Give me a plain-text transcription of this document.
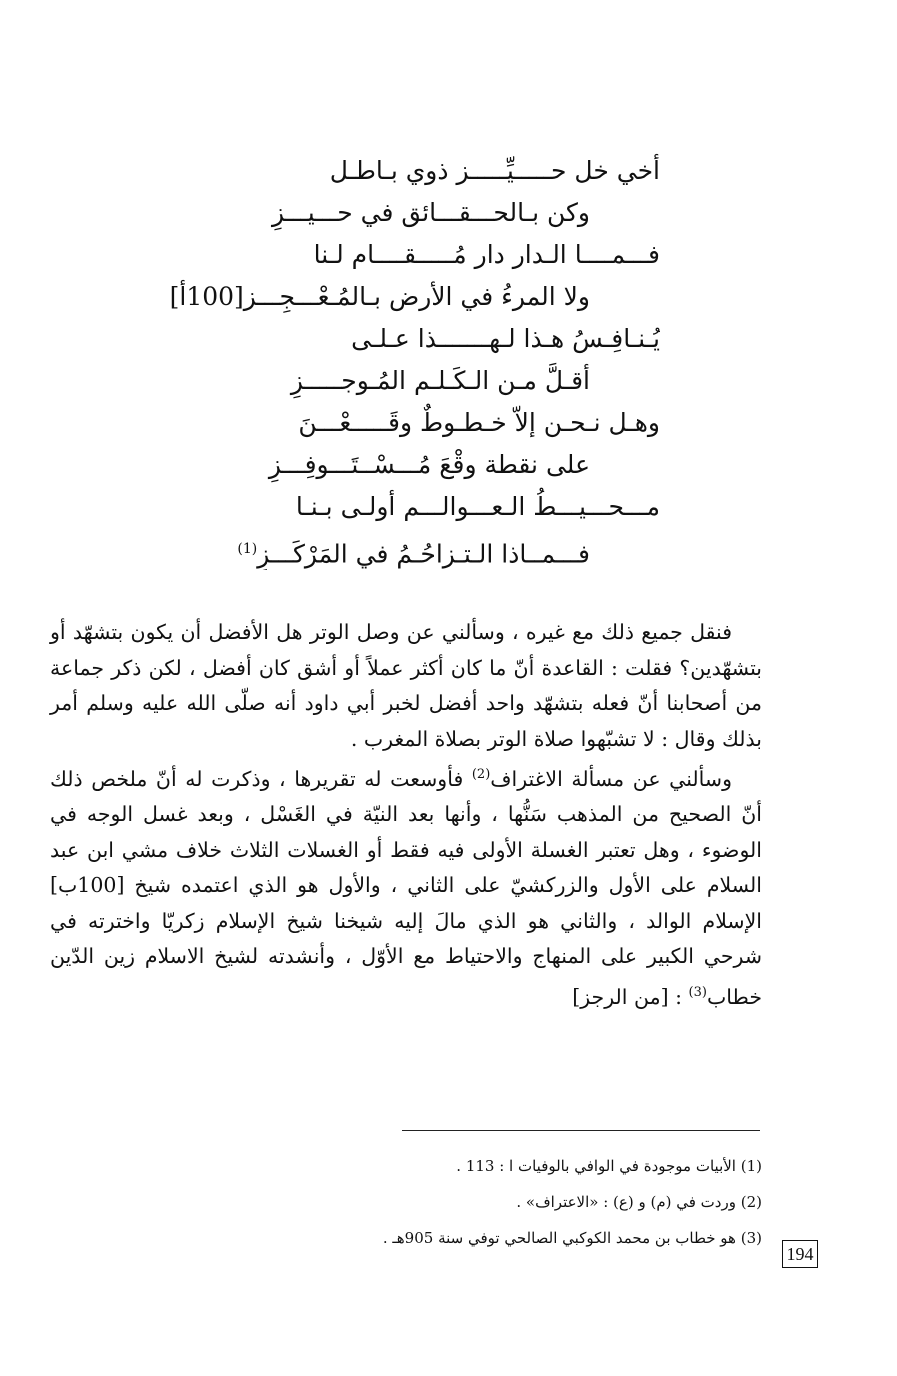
أخي خل حـــــيِّـــــز ذوي بـاطـل
وكن بـالحـــقـــائق في حـــيـــزِ
فـــمــــا الـدار دار مُـــــقــــام لـنا
ولا المرءُ في الأرض بـالمُـعْـــجِـــز[100أ]
يُـنـافِـسُ هـذا لـهـــــــذا عـلـى
أقـلَّ مـن الـكَـلـم المُـوجـــــزِ
وهـل نـحـن إلاّ خـطـوطٌ وقَـــــعْـــنَ
على نقطة وقْعَ مُـــسْــتَـــوفِـــزِ
مـــحـــيـــطُ الـعـــوالـــم أولـى بـنـا
فـــمــاذا الـتـزاحُـمُ في المَرْكَـــزِ$^{(1)}$

فنقل جميع ذلك مع غيره ، وسألني عن وصل الوتر هل الأفضل أن يكون بتشهّد أو بتشهّدين؟ فقلت : القاعدة أنّ ما كان أكثر عملاً أو أشق كان أفضل ، لكن ذكر جماعة من أصحابنا أنّ فعله بتشهّد واحد أفضل لخبر أبي داود أنه صلّى الله عليه وسلم أمر بذلك وقال : لا تشبّهوا صلاة الوتر بصلاة المغرب .

وسألني عن مسألة الاغتراف$^{(2)}$ فأوسعت له تقريرها ، وذكرت له أنّ ملخص ذلك أنّ الصحيح من المذهب سَنُّها ، وأنها بعد النيّة في الغَسْل ، وبعد غسل الوجه في الوضوء ، وهل تعتبر الغسلة الأولى فيه فقط أو الغسلات الثلاث خلاف مشي ابن عبد السلام على الأول والزركشيّ على الثاني ، والأول هو الذي اعتمده شيخ [100ب] الإسلام الوالد ، والثاني هو الذي مالَ إليه شيخنا شيخ الإسلام زكريّا واخترته في شرحي الكبير على المنهاج والاحتياط مع الأوّل ، وأنشدته لشيخ الاسلام زين الدّين خطاب$^{(3)}$ : [من الرجز]

(1) الأبيات موجودة في الوافي بالوفيات ا : 113 .
(2) وردت في (م) و (ع) : «الاعتراف» .
(3) هو خطاب بن محمد الكوكبي الصالحي توفي سنة 905هـ .
194
